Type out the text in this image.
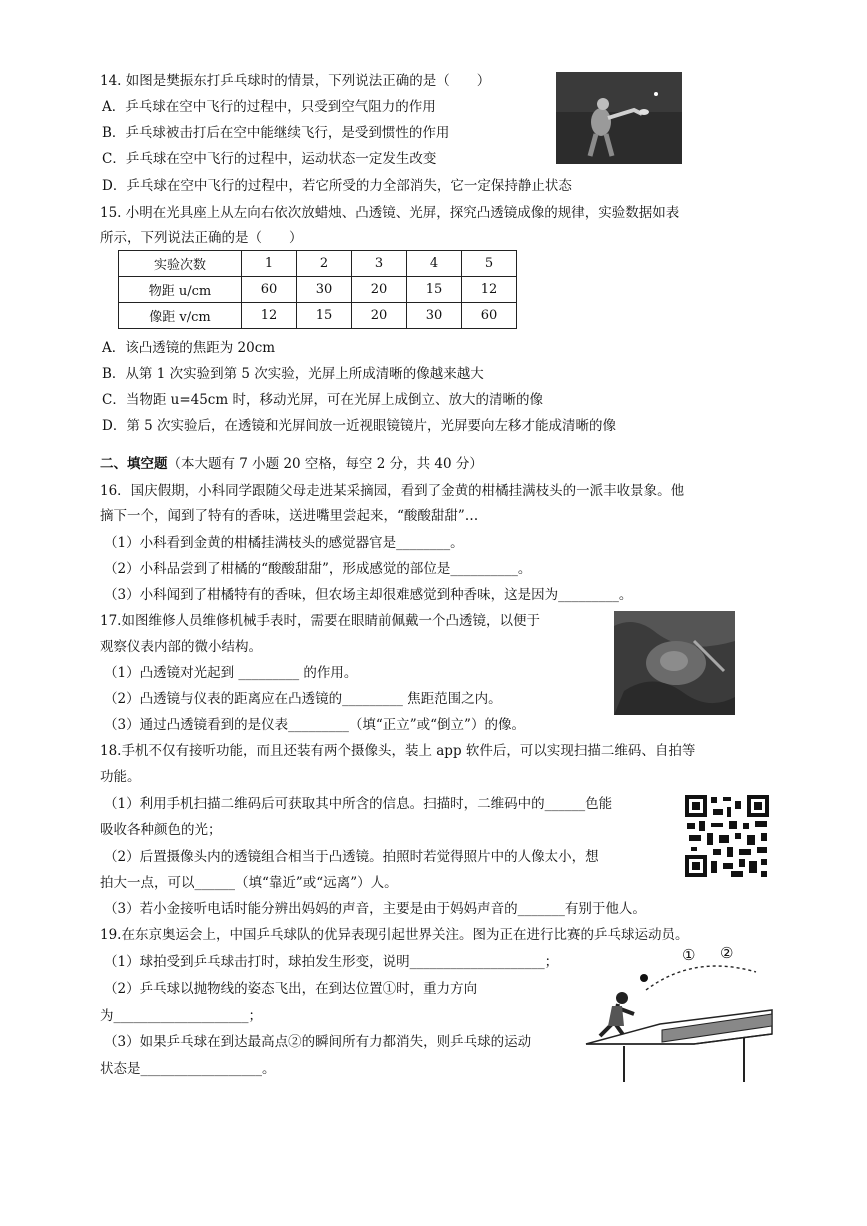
14. 如图是樊振东打乒乓球时的情景，下列说法正确的是（　　）
A．乒乓球在空中飞行的过程中，只受到空气阻力的作用
B．乒乓球被击打后在空中能继续飞行，是受到惯性的作用
C．乒乓球在空中飞行的过程中，运动状态一定发生改变
D．乒乓球在空中飞行的过程中，若它所受的力全部消失，它一定保持静止状态
15. 小明在光具座上从左向右依次放蜡烛、凸透镜、光屏，探究凸透镜成像的规律，实验数据如表
所示，下列说法正确的是（　　）
实验次数	1	2	3	4	5
物距 u/cm	60	30	20	15	12
像距 v/cm	12	15	20	30	60
A．该凸透镜的焦距为 20cm
B．从第 1 次实验到第 5 次实验，光屏上所成清晰的像越来越大
C．当物距 u=45cm 时，移动光屏，可在光屏上成倒立、放大的清晰的像
D．第 5 次实验后，在透镜和光屏间放一近视眼镜镜片，光屏要向左移才能成清晰的像
二、填空题（本大题有 7 小题 20 空格，每空 2 分，共 40 分）
16．国庆假期，小科同学跟随父母走进某采摘园，看到了金黄的柑橘挂满枝头的一派丰收景象。他
摘下一个，闻到了特有的香味，送进嘴里尝起来，“酸酸甜甜”…
（1）小科看到金黄的柑橘挂满枝头的感觉器官是________。
（2）小科品尝到了柑橘的“酸酸甜甜”，形成感觉的部位是__________。
（3）小科闻到了柑橘特有的香味，但农场主却很难感觉到种香味，这是因为_________。
17.如图维修人员维修机械手表时，需要在眼睛前佩戴一个凸透镜，以便于
观察仪表内部的微小结构。
（1）凸透镜对光起到 _________ 的作用。
（2）凸透镜与仪表的距离应在凸透镜的_________ 焦距范围之内。
（3）通过凸透镜看到的是仪表_________（填“正立”或“倒立”）的像。
18.手机不仅有接听功能，而且还装有两个摄像头，装上 app 软件后，可以实现扫描二维码、自拍等
功能。
（1）利用手机扫描二维码后可获取其中所含的信息。扫描时，二维码中的______色能
吸收各种颜色的光；
（2）后置摄像头内的透镜组合相当于凸透镜。拍照时若觉得照片中的人像太小，想
拍大一点，可以______（填“靠近”或“远离”）人。
（3）若小金接听电话时能分辨出妈妈的声音，主要是由于妈妈声音的_______有别于他人。
19.在东京奥运会上，中国乒乓球队的优异表现引起世界关注。图为正在进行比赛的乒乓球运动员。
（1）球拍受到乒乓球击打时，球拍发生形变，说明____________________；
（2）乒乓球以抛物线的姿态飞出，在到达位置①时，重力方向
为____________________；
（3）如果乒乓球在到达最高点②的瞬间所有力都消失，则乒乓球的运动
状态是__________________。
① ②
